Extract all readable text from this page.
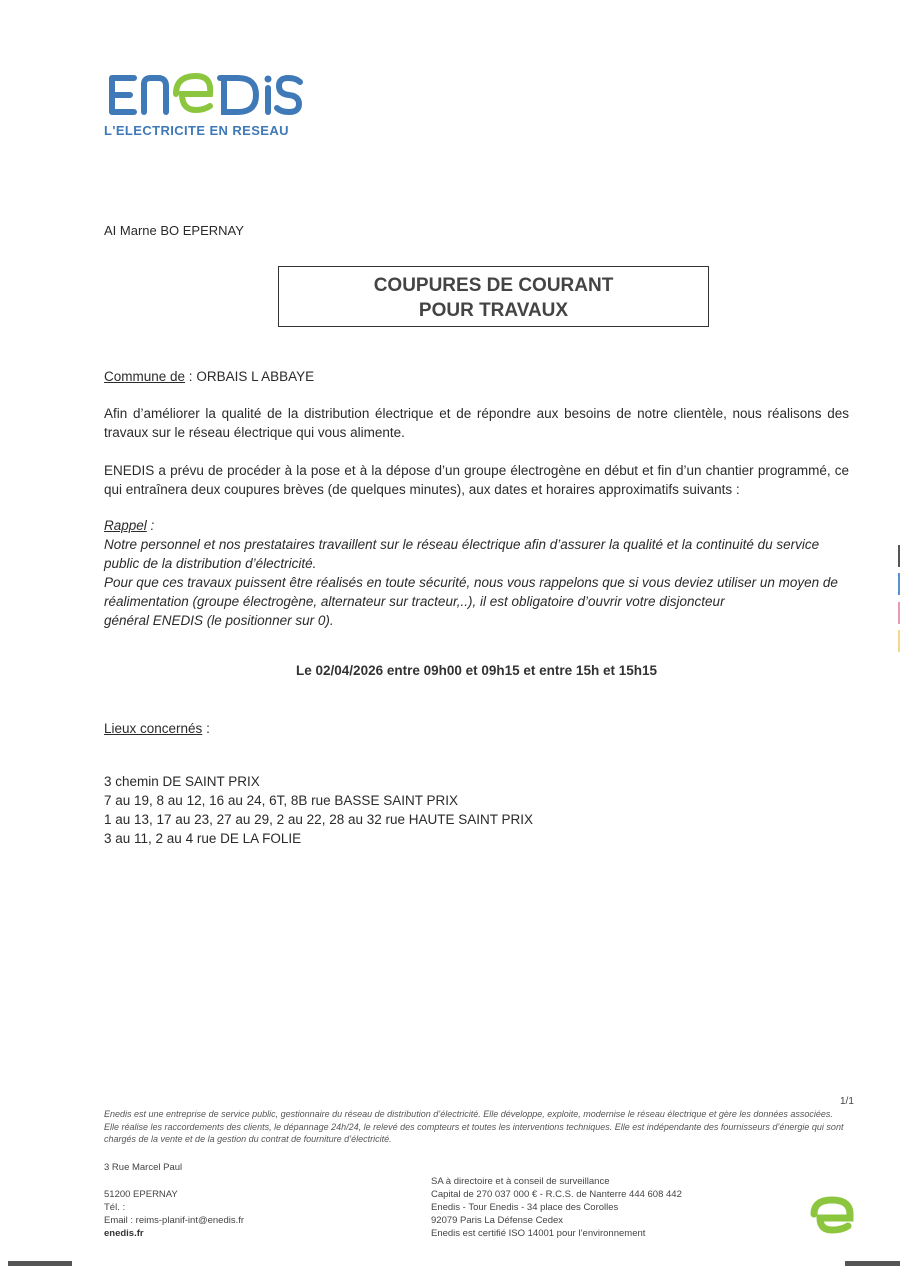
L'ELECTRICITE EN RESEAU
AI Marne BO EPERNAY
COUPURES DE COURANT
POUR TRAVAUX
Commune de : ORBAIS L ABBAYE
Afin d’améliorer la qualité de la distribution électrique et de répondre aux besoins de notre clientèle, nous réalisons des travaux sur le réseau électrique qui vous alimente.
ENEDIS a prévu de procéder à la pose et à la dépose d’un groupe électrogène en début et fin d’un chantier programmé, ce qui entraînera deux coupures brèves (de quelques minutes), aux dates et horaires approximatifs suivants :
Rappel :
Notre personnel et nos prestataires travaillent sur le réseau électrique afin d’assurer la qualité et la continuité du service public de la distribution d’électricité.
Pour que ces travaux puissent être réalisés en toute sécurité, nous vous rappelons que si vous deviez utiliser un moyen de réalimentation (groupe électrogène, alternateur sur tracteur,..), il est obligatoire d’ouvrir votre disjoncteur
général ENEDIS (le positionner sur 0).
Le 02/04/2026 entre 09h00 et 09h15 et entre 15h et 15h15
Lieux concernés :
3 chemin DE SAINT PRIX
7 au 19, 8 au 12, 16 au 24, 6T, 8B rue BASSE SAINT PRIX
1 au 13, 17 au 23, 27 au 29, 2 au 22, 28 au 32 rue HAUTE SAINT PRIX
3 au 11, 2 au 4 rue DE LA FOLIE
1/1
Enedis est une entreprise de service public, gestionnaire du réseau de distribution d’électricité. Elle développe, exploite, modernise le réseau électrique et gère les données associées. Elle réalise les raccordements des clients, le dépannage 24h/24, le relevé des compteurs et toutes les interventions techniques. Elle est indépendante des fournisseurs d’énergie qui sont chargés de la vente et de la gestion du contrat de fourniture d’électricité.
3 Rue Marcel Paul
51200 EPERNAY
Tél. :
Email : reims-planif-int@enedis.fr
enedis.fr
SA à directoire et à conseil de surveillance
Capital de 270 037 000 € - R.C.S. de Nanterre 444 608 442
Enedis - Tour Enedis - 34 place des Corolles
92079 Paris La Défense Cedex
Enedis est certifié ISO 14001 pour l’environnement
